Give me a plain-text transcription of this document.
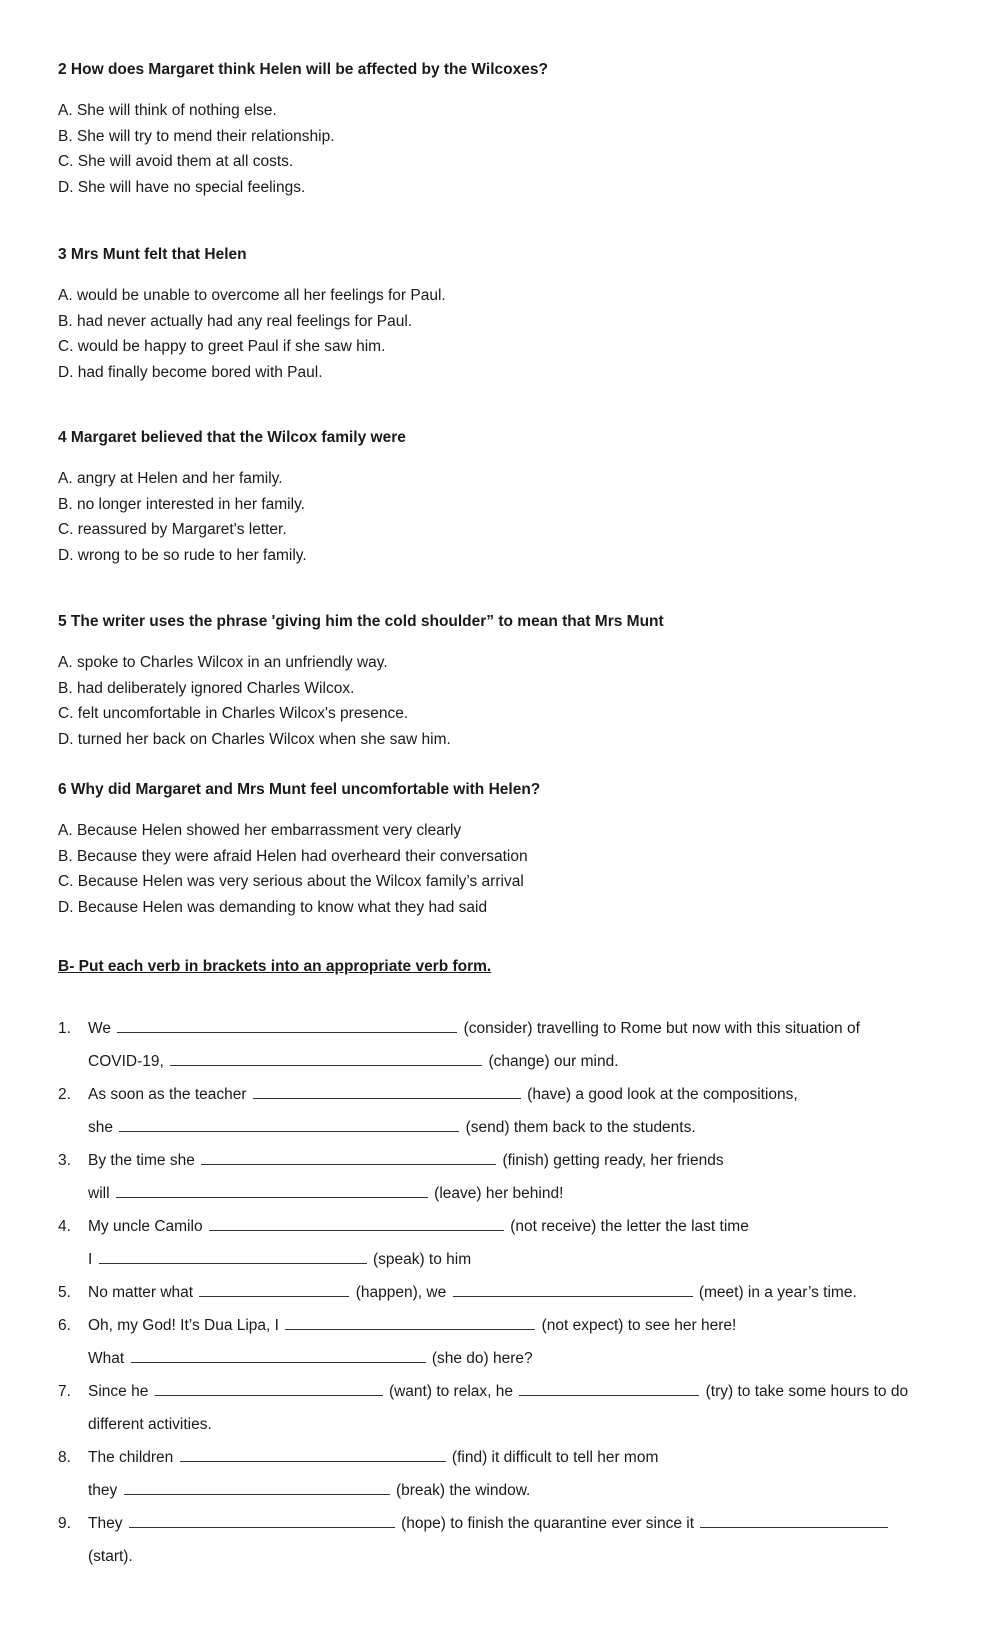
2 How does Margaret think Helen will be affected by the Wilcoxes?
A. She will think of nothing else.
B. She will try to mend their relationship.
C. She will avoid them at all costs.
D. She will have no special feelings.
3 Mrs Munt felt that Helen
A. would be unable to overcome all her feelings for Paul.
B. had never actually had any real feelings for Paul.
C. would be happy to greet Paul if she saw him.
D. had finally become bored with Paul.
4 Margaret believed that the Wilcox family were
A. angry at Helen and her family.
B. no longer interested in her family.
C. reassured by Margaret's letter.
D. wrong to be so rude to her family.
5 The writer uses the phrase 'giving him the cold shoulder” to mean that Mrs Munt
A. spoke to Charles Wilcox in an unfriendly way.
B. had deliberately ignored Charles Wilcox.
C. felt uncomfortable in Charles Wilcox's presence.
D. turned her back on Charles Wilcox when she saw him.
6 Why did Margaret and Mrs Munt feel uncomfortable with Helen?
A. Because Helen showed her embarrassment very clearly
B. Because they were afraid Helen had overheard their conversation
C. Because Helen was very serious about the Wilcox family’s arrival
D. Because Helen was demanding to know what they had said
B- Put each verb in brackets into an appropriate verb form.
1.	We	(consider) travelling to Rome but now with this situation of
COVID-19,	(change) our mind.
2.	As soon as the teacher	(have) a good look at the compositions,
she	(send) them back to the students.
3.	By the time she	(finish) getting ready, her friends
will	(leave) her behind!
4.	My uncle Camilo	(not receive) the letter the last time
I	(speak) to him
5.	No matter what	(happen), we	(meet) in a year’s time.
6.	Oh, my God! It’s Dua Lipa, I	(not expect) to see her here!
What	(she do) here?
7.	Since he	(want) to relax, he	(try) to take some hours to do
different activities.
8.	The children	(find) it difficult to tell her mom
they	(break) the window.
9.	They	(hope) to finish the quarantine ever since it
(start).
